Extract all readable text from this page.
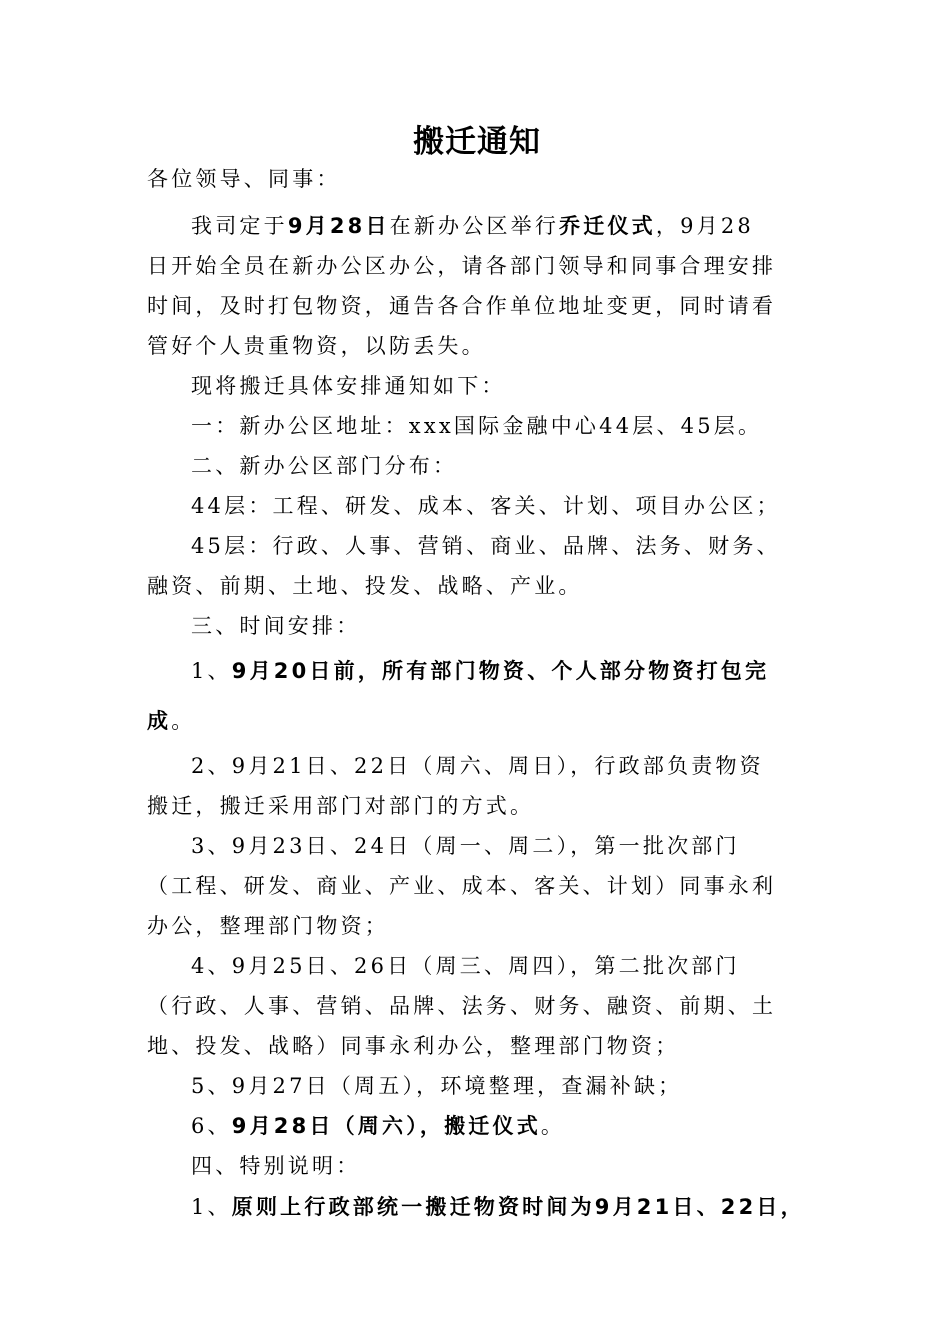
搬迁通知
各位领导、同事：
我司定于9月28日在新办公区举行乔迁仪式，9月28
日开始全员在新办公区办公，请各部门领导和同事合理安排
时间，及时打包物资，通告各合作单位地址变更，同时请看
管好个人贵重物资，以防丢失。
现将搬迁具体安排通知如下：
一：新办公区地址：xxx国际金融中心44层、45层。
二、新办公区部门分布：
44层：工程、研发、成本、客关、计划、项目办公区；
45层：行政、人事、营销、商业、品牌、法务、财务、
融资、前期、土地、投发、战略、产业。
三、时间安排：
1、9月20日前，所有部门物资、个人部分物资打包完
成。
2、9月21日、22日（周六、周日），行政部负责物资
搬迁，搬迁采用部门对部门的方式。
3、9月23日、24日（周一、周二），第一批次部门
（工程、研发、商业、产业、成本、客关、计划）同事永利
办公，整理部门物资；
4、9月25日、26日（周三、周四），第二批次部门
（行政、人事、营销、品牌、法务、财务、融资、前期、土
地、投发、战略）同事永利办公，整理部门物资；
5、9月27日（周五），环境整理，查漏补缺；
6、9月28日（周六），搬迁仪式。
四、特别说明：
1、原则上行政部统一搬迁物资时间为9月21日、22日，
